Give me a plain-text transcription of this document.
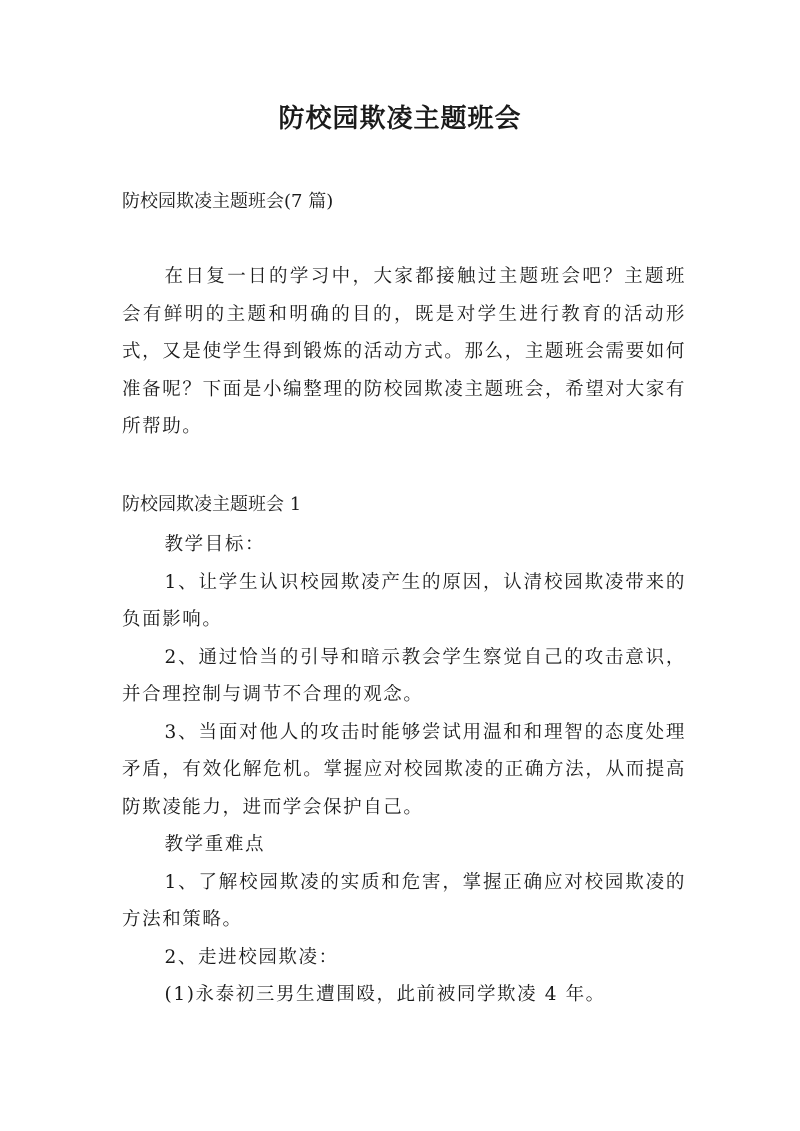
防校园欺凌主题班会
防校园欺凌主题班会(7 篇)

在日复一日的学习中，大家都接触过主题班会吧？主题班会有鲜明的主题和明确的目的，既是对学生进行教育的活动形式，又是使学生得到锻炼的活动方式。那么，主题班会需要如何准备呢？下面是小编整理的防校园欺凌主题班会，希望对大家有所帮助。

防校园欺凌主题班会 1

教学目标：

1、让学生认识校园欺凌产生的原因，认清校园欺凌带来的负面影响。

2、通过恰当的引导和暗示教会学生察觉自己的攻击意识，并合理控制与调节不合理的观念。

3、当面对他人的攻击时能够尝试用温和和理智的态度处理矛盾，有效化解危机。掌握应对校园欺凌的正确方法，从而提高防欺凌能力，进而学会保护自己。

教学重难点

1、了解校园欺凌的实质和危害，掌握正确应对校园欺凌的方法和策略。

2、走进校园欺凌：

(1)永泰初三男生遭围殴，此前被同学欺凌 4 年。
